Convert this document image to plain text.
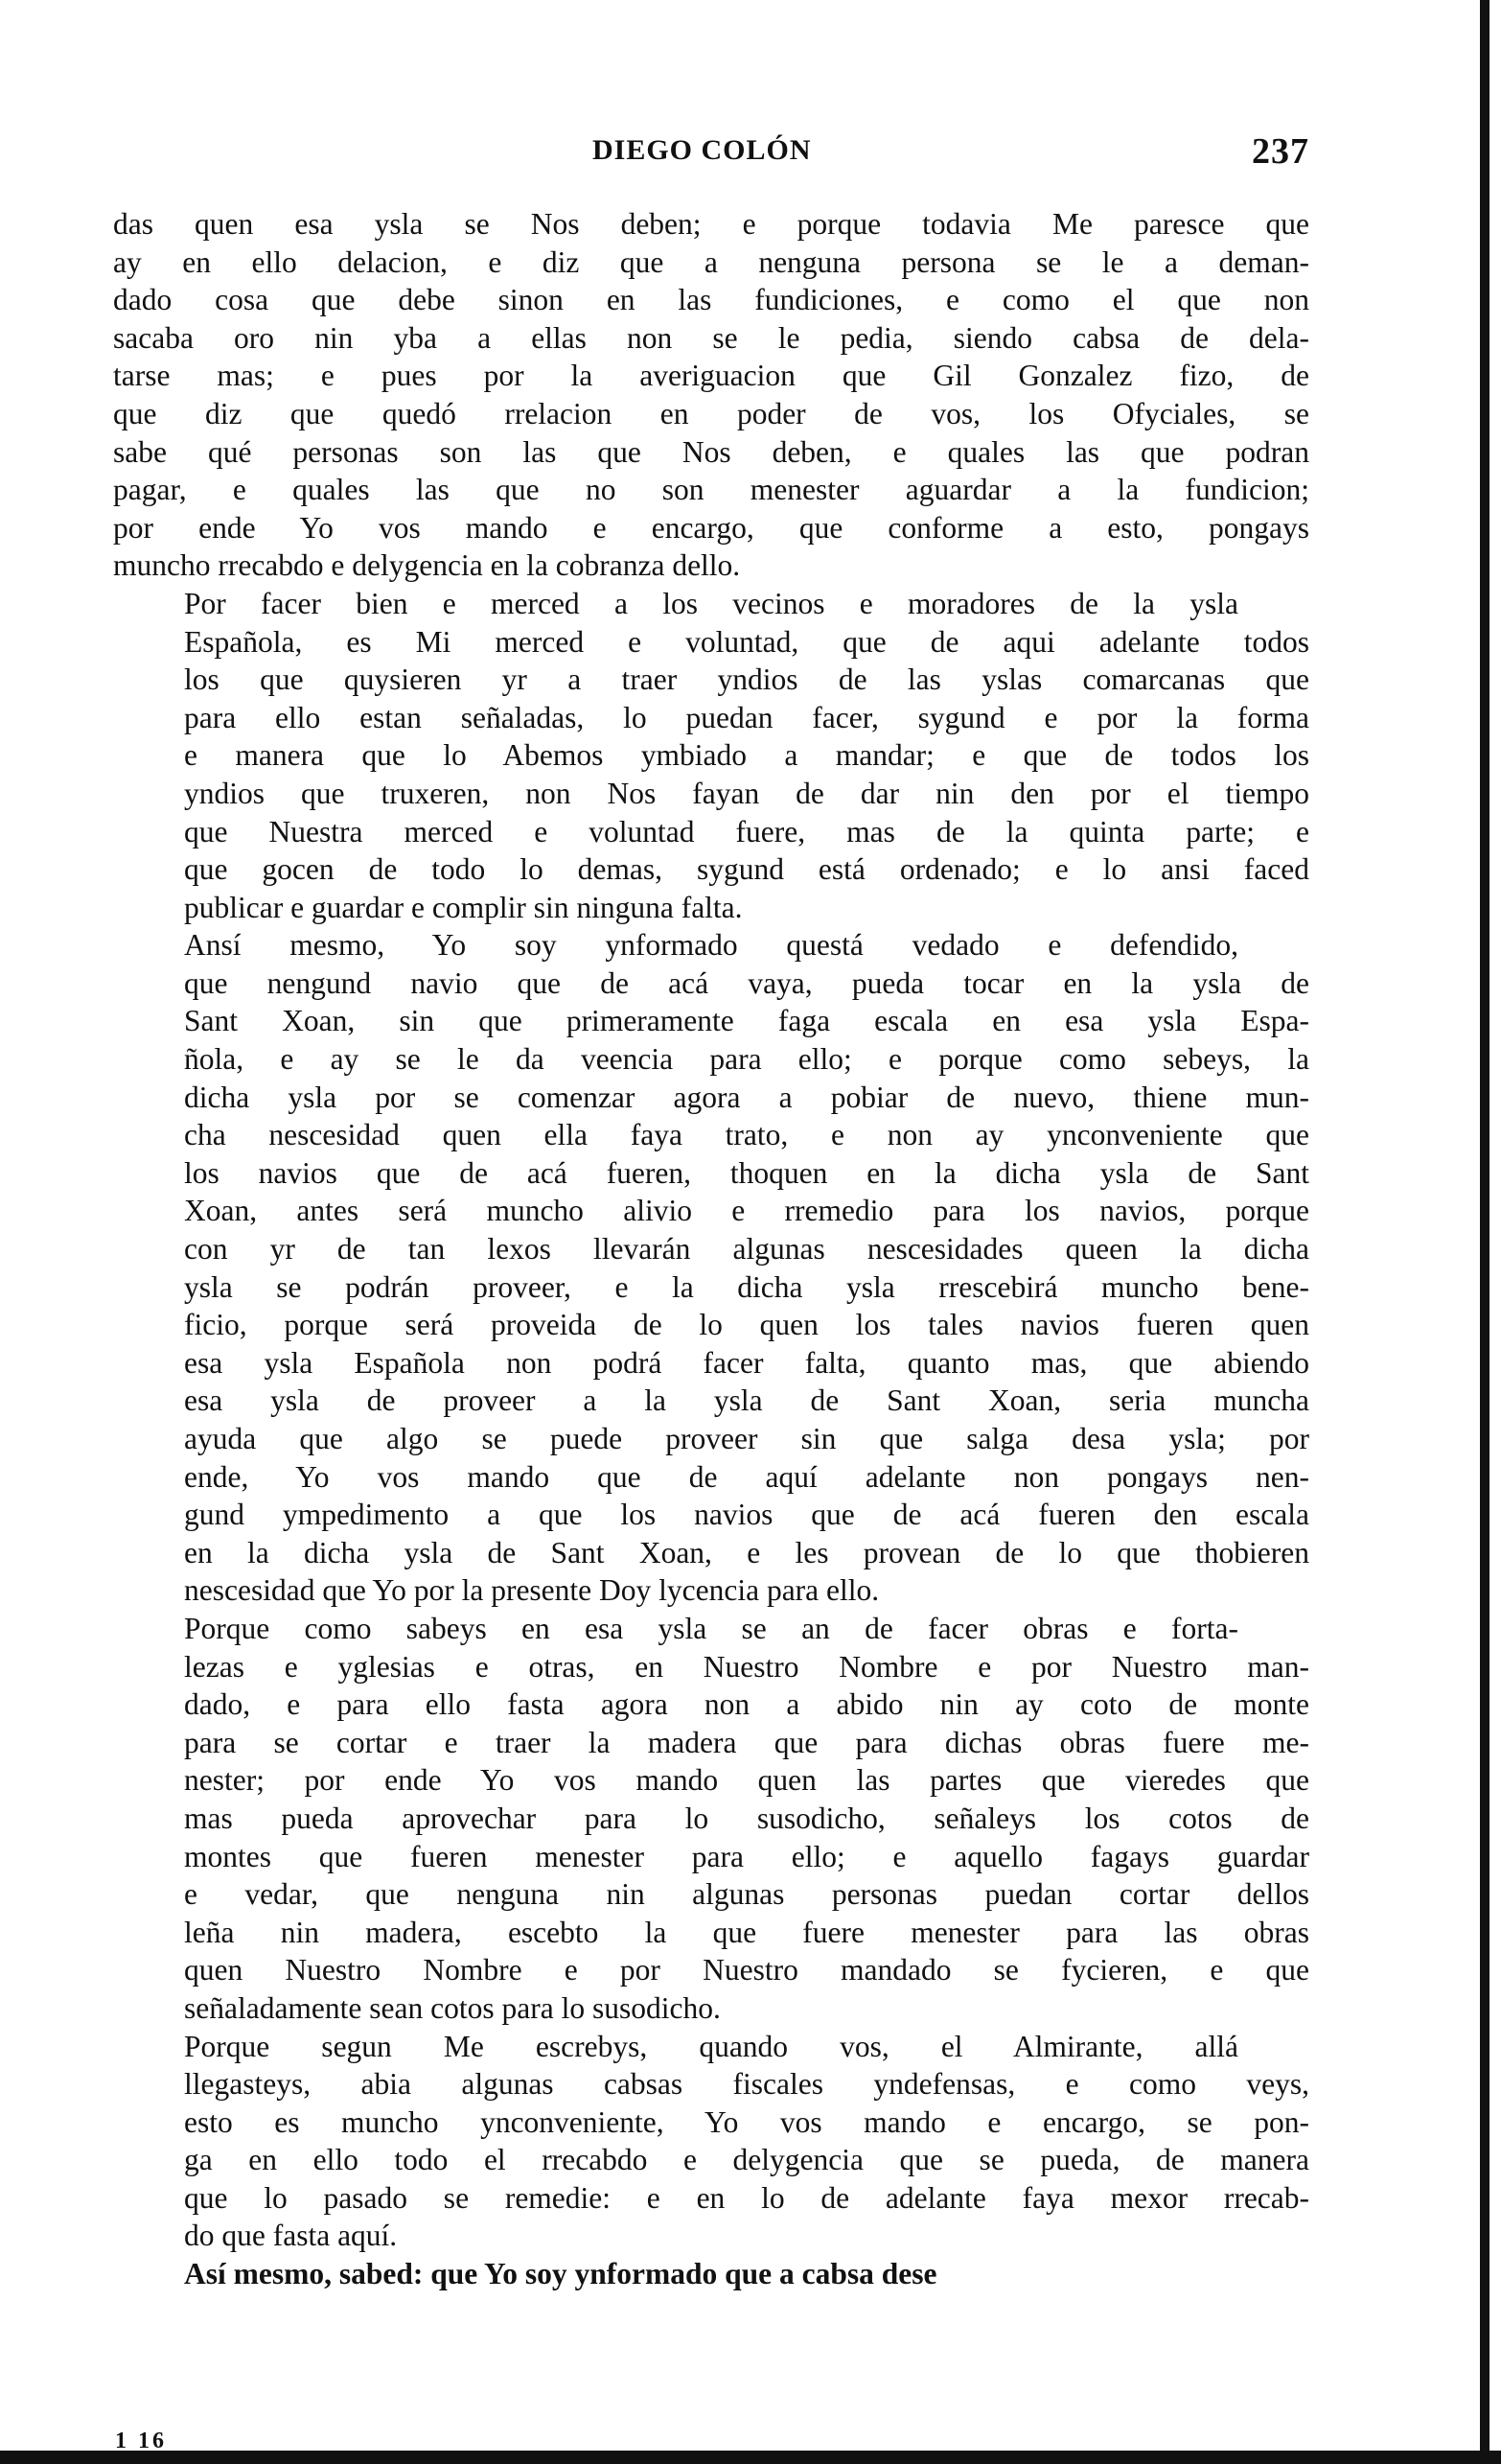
DIEGO COLÓN	237

das quen esa ysla se Nos deben; e porque todavia Me paresce que
ay en ello delacion, e diz que a nenguna persona se le a deman-
dado cosa que debe sinon en las fundiciones, e como el que non
sacaba oro nin yba a ellas non se le pedia, siendo cabsa de dela-
tarse mas; e pues por la averiguacion que Gil Gonzalez fizo, de
que diz que quedó rrelacion en poder de vos, los Ofyciales, se
sabe qué personas son las que Nos deben, e quales las que podran
pagar, e quales las que no son menester aguardar a la fundicion;
por ende Yo vos mando e encargo, que conforme a esto, pongays
muncho rrecabdo e delygencia en la cobranza dello.

Por facer bien e merced a los vecinos e moradores de la ysla
Española, es Mi merced e voluntad, que de aqui adelante todos
los que quysieren yr a traer yndios de las yslas comarcanas que
para ello estan señaladas, lo puedan facer, sygund e por la forma
e manera que lo Abemos ymbiado a mandar; e que de todos los
yndios que truxeren, non Nos fayan de dar nin den por el tiempo
que Nuestra merced e voluntad fuere, mas de la quinta parte; e
que gocen de todo lo demas, sygund está ordenado; e lo ansi faced
publicar e guardar e complir sin ninguna falta.

Ansí mesmo, Yo soy ynformado questá vedado e defendido,
que nengund navio que de acá vaya, pueda tocar en la ysla de
Sant Xoan, sin que primeramente faga escala en esa ysla Espa-
ñola, e ay se le da veencia para ello; e porque como sebeys, la
dicha ysla por se comenzar agora a pobiar de nuevo, thiene mun-
cha nescesidad quen ella faya trato, e non ay ynconveniente que
los navios que de acá fueren, thoquen en la dicha ysla de Sant
Xoan, antes será muncho alivio e rremedio para los navios, porque
con yr de tan lexos llevarán algunas nescesidades queen la dicha
ysla se podrán proveer, e la dicha ysla rrescebirá muncho bene-
ficio, porque será proveida de lo quen los tales navios fueren quen
esa ysla Española non podrá facer falta, quanto mas, que abiendo
esa ysla de proveer a la ysla de Sant Xoan, seria muncha
ayuda que algo se puede proveer sin que salga desa ysla; por
ende, Yo vos mando que de aquí adelante non pongays nen-
gund ympedimento a que los navios que de acá fueren den escala
en la dicha ysla de Sant Xoan, e les provean de lo que thobieren
nescesidad que Yo por la presente Doy lycencia para ello.

Porque como sabeys en esa ysla se an de facer obras e forta-
lezas e yglesias e otras, en Nuestro Nombre e por Nuestro man-
dado, e para ello fasta agora non a abido nin ay coto de monte
para se cortar e traer la madera que para dichas obras fuere me-
nester; por ende Yo vos mando quen las partes que vieredes que
mas pueda aprovechar para lo susodicho, señaleys los cotos de
montes que fueren menester para ello; e aquello fagays guardar
e vedar, que nenguna nin algunas personas puedan cortar dellos
leña nin madera, escebto la que fuere menester para las obras
quen Nuestro Nombre e por Nuestro mandado se fycieren, e que
señaladamente sean cotos para lo susodicho.

Porque segun Me escrebys, quando vos, el Almirante, allá
llegasteys, abia algunas cabsas fiscales yndefensas, e como veys,
esto es muncho ynconveniente, Yo vos mando e encargo, se pon-
ga en ello todo el rrecabdo e delygencia que se pueda, de manera
que lo pasado se remedie: e en lo de adelante faya mexor rrecab-
do que fasta aquí.

Así mesmo, sabed: que Yo soy ynformado que a cabsa dese

1 16
